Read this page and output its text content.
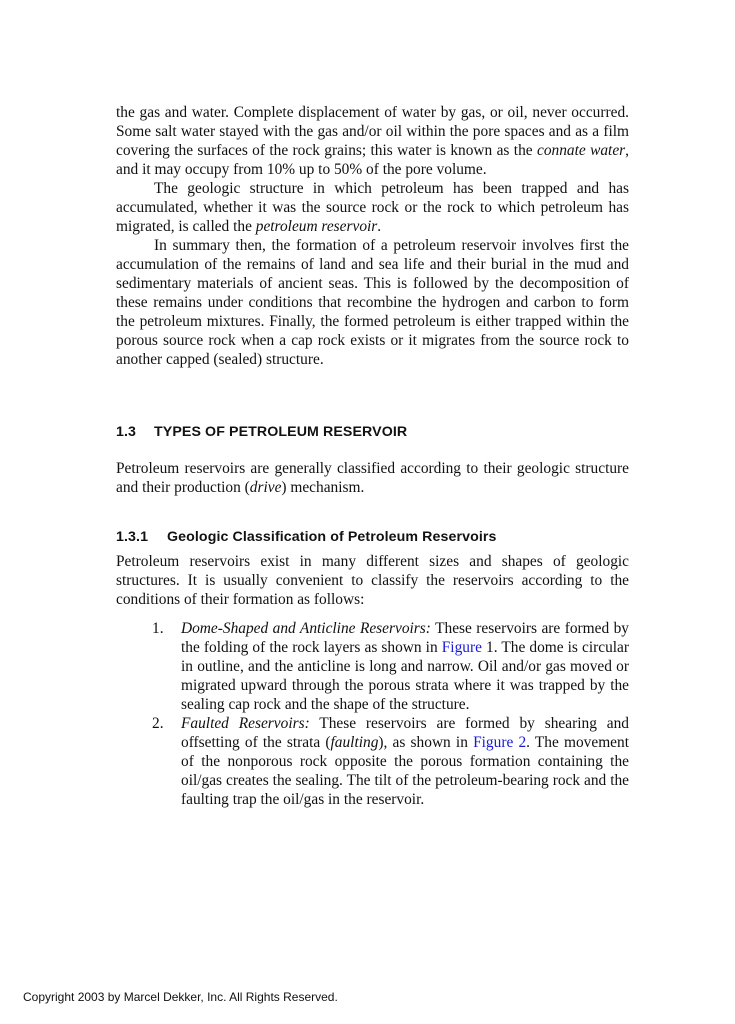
the gas and water. Complete displacement of water by gas, or oil, never occurred. Some salt water stayed with the gas and/or oil within the pore spaces and as a film covering the surfaces of the rock grains; this water is known as the connate water, and it may occupy from 10% up to 50% of the pore volume.

The geologic structure in which petroleum has been trapped and has accumulated, whether it was the source rock or the rock to which petroleum has migrated, is called the petroleum reservoir.

In summary then, the formation of a petroleum reservoir involves first the accumulation of the remains of land and sea life and their burial in the mud and sedimentary materials of ancient seas. This is followed by the decomposition of these remains under conditions that recombine the hydrogen and carbon to form the petroleum mixtures. Finally, the formed petroleum is either trapped within the porous source rock when a cap rock exists or it migrates from the source rock to another capped (sealed) structure.

1.3 TYPES OF PETROLEUM RESERVOIR

Petroleum reservoirs are generally classified according to their geologic structure and their production (drive) mechanism.

1.3.1 Geologic Classification of Petroleum Reservoirs

Petroleum reservoirs exist in many different sizes and shapes of geologic structures. It is usually convenient to classify the reservoirs according to the conditions of their formation as follows:

1. Dome-Shaped and Anticline Reservoirs: These reservoirs are formed by the folding of the rock layers as shown in Figure 1. The dome is circular in outline, and the anticline is long and narrow. Oil and/or gas moved or migrated upward through the porous strata where it was trapped by the sealing cap rock and the shape of the structure.
2. Faulted Reservoirs: These reservoirs are formed by shearing and offsetting of the strata (faulting), as shown in Figure 2. The movement of the nonporous rock opposite the porous formation containing the oil/gas creates the sealing. The tilt of the petroleum-bearing rock and the faulting trap the oil/gas in the reservoir.
Copyright 2003 by Marcel Dekker, Inc. All Rights Reserved.
